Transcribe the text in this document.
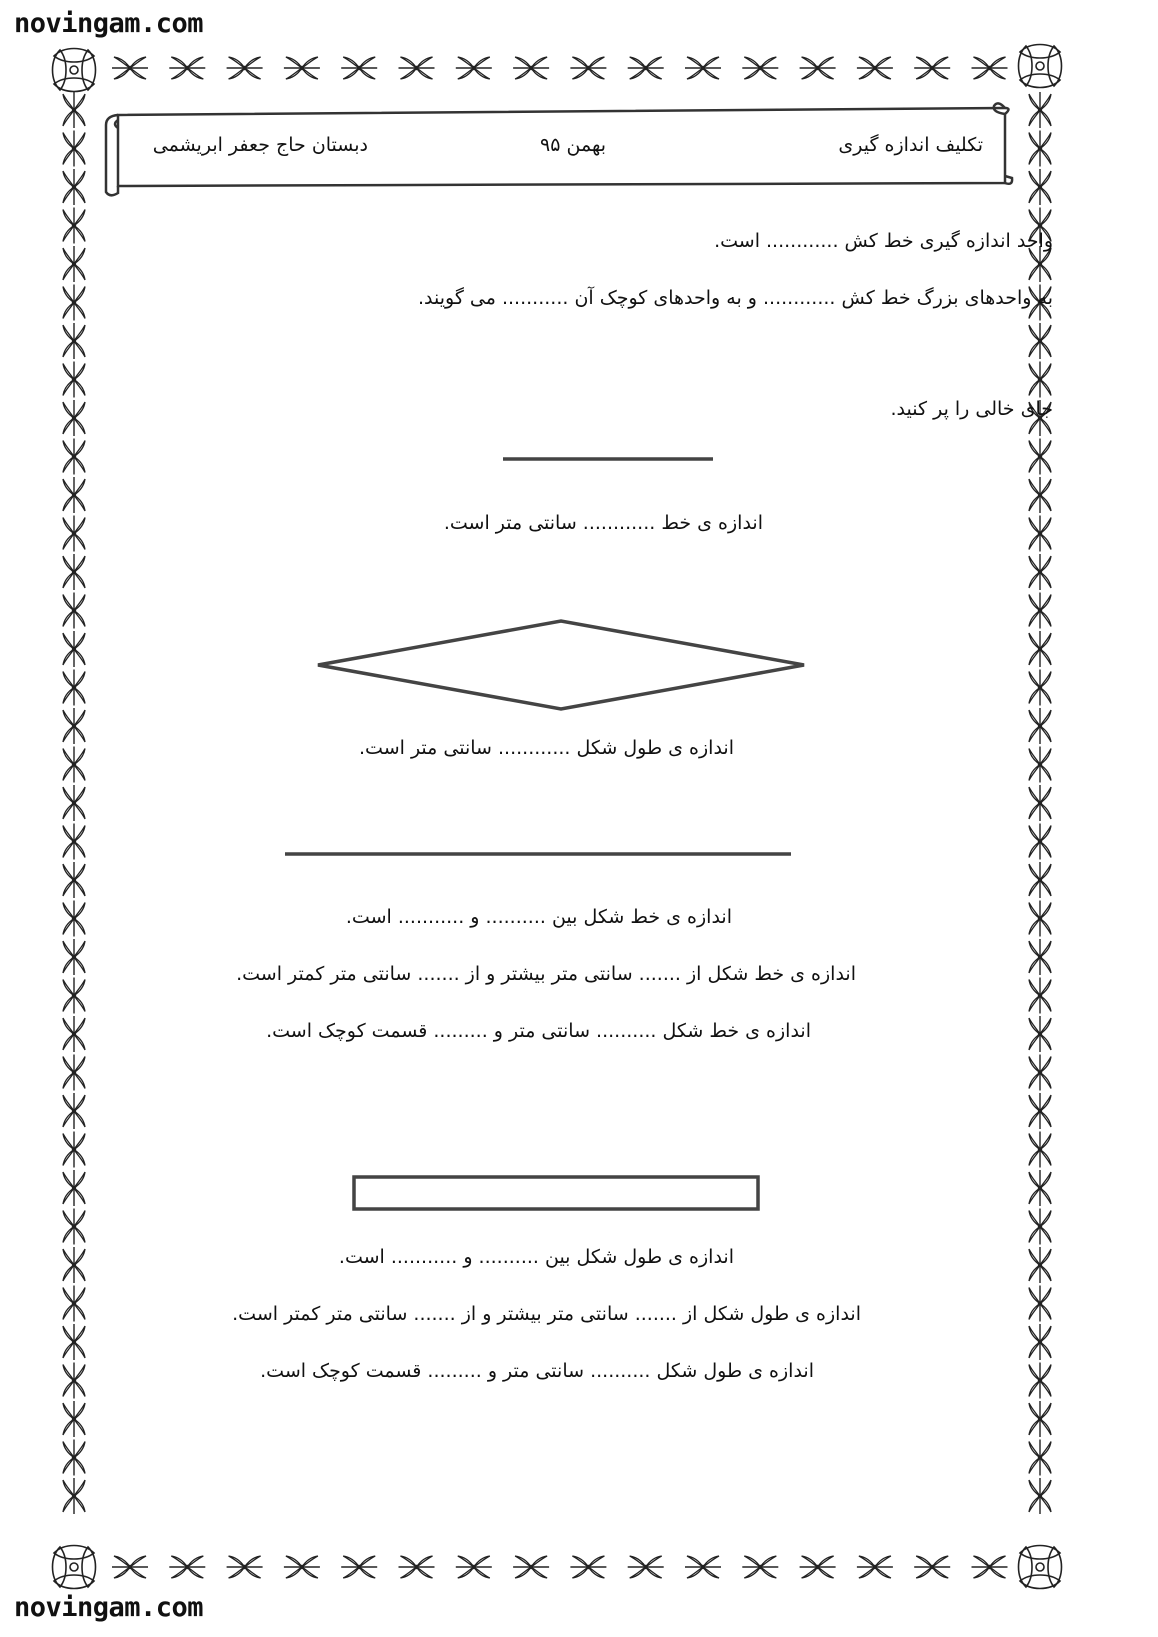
novingam.com
novingam.com
تکلیف اندازه گیری
بهمن ۹۵
دبستان حاج جعفر ابریشمی
واحد اندازه گیری خط کش ............ است.
به واحدهای بزرگ خط کش ............ و به واحدهای کوچک آن ........... می گویند.
جای خالی را پر کنید.
اندازه ی خط ............ سانتی متر است.
اندازه ی طول شکل ............ سانتی متر است.
اندازه ی خط شکل بین .......... و ........... است.
اندازه ی خط شکل از ....... سانتی متر بیشتر و از ....... سانتی متر کمتر است.
اندازه ی خط شکل .......... سانتی متر و ......... قسمت کوچک است.
اندازه ی طول شکل بین .......... و ........... است.
اندازه ی طول شکل از ....... سانتی متر بیشتر و از ....... سانتی متر کمتر است.
اندازه ی طول شکل .......... سانتی متر و ......... قسمت کوچک است.
